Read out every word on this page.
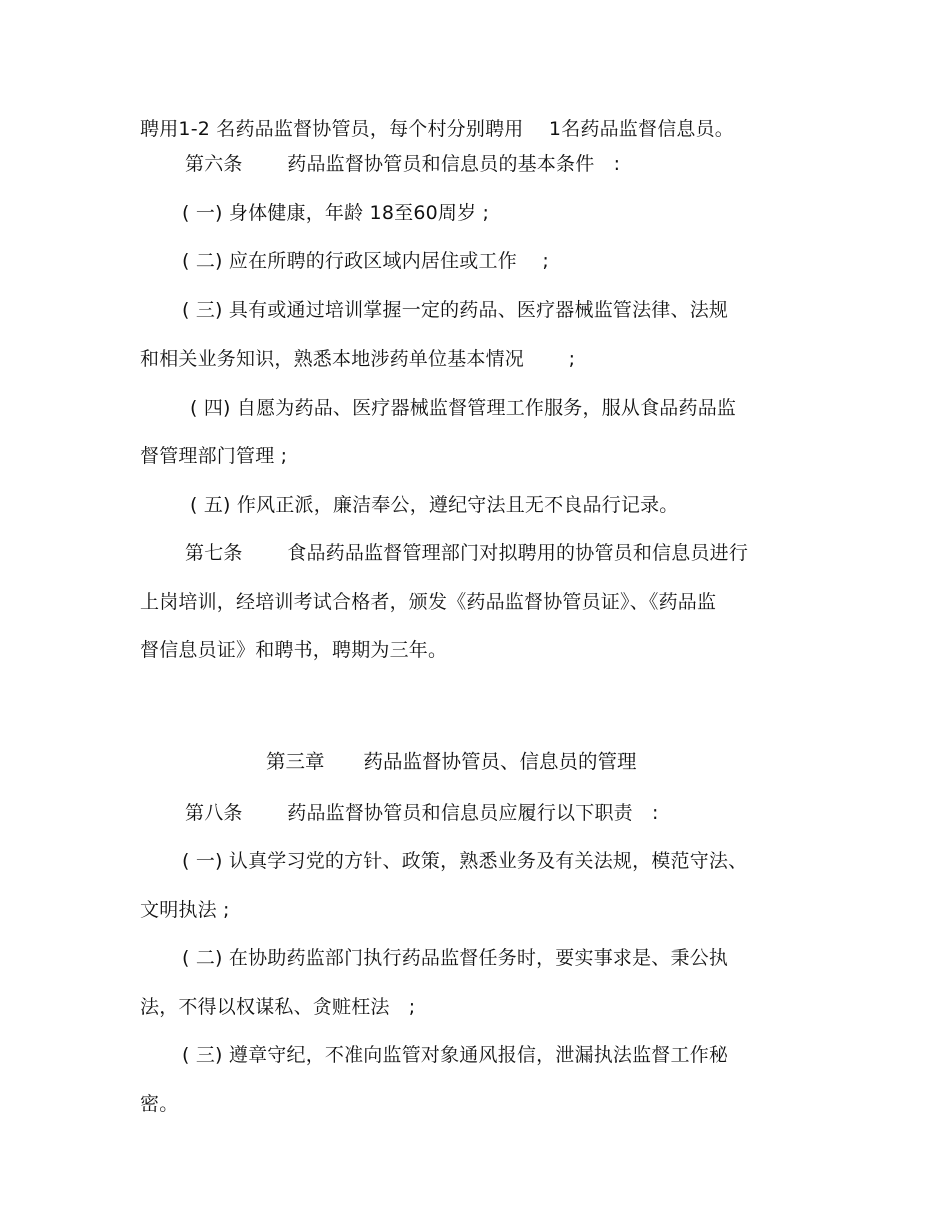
聘用1-2 名药品监督协管员，每个村分别聘用　 1名药品监督信息员。
第六条　　 药品监督协管员和信息员的基本条件　:
( 一) 身体健康，年龄 18至60周岁 ;
( 二) 应在所聘的行政区域内居住或工作　 ;
( 三) 具有或通过培训掌握一定的药品、医疗器械监管法律、法规
和相关业务知识，熟悉本地涉药单位基本情况　　 ;
( 四) 自愿为药品、医疗器械监督管理工作服务，服从食品药品监
督管理部门管理 ;
( 五) 作风正派，廉洁奉公，遵纪守法且无不良品行记录。
第七条　　 食品药品监督管理部门对拟聘用的协管员和信息员进行
上岗培训，经培训考试合格者，颁发《药品监督协管员证》、《药品监
督信息员证》和聘书，聘期为三年。
第三章　　药品监督协管员、信息员的管理
第八条　　 药品监督协管员和信息员应履行以下职责　:
( 一) 认真学习党的方针、政策，熟悉业务及有关法规，模范守法、
文明执法 ;
( 二) 在协助药监部门执行药品监督任务时，要实事求是、秉公执
法，不得以权谋私、贪赃枉法　;
( 三) 遵章守纪，不准向监管对象通风报信，泄漏执法监督工作秘
密。
